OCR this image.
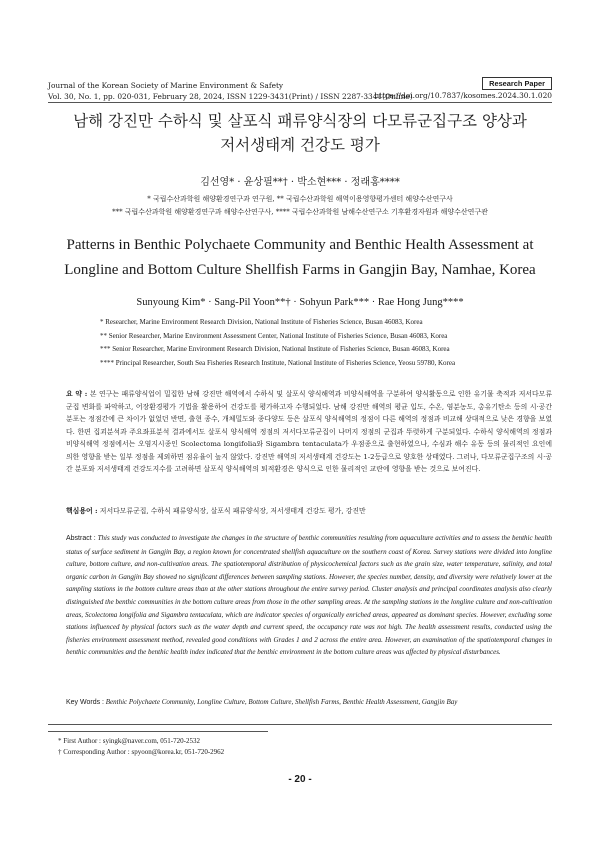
Journal of the Korean Society of Marine Environment & Safety
Vol. 30, No. 1, pp. 020-031, February 28, 2024, ISSN 1229-3431(Print) / ISSN 2287-3341(Online)
Research Paper
https://doi.org/10.7837/kosomes.2024.30.1.020
남해 강진만 수하식 및 살포식 패류양식장의 다모류군집구조 양상과
저서생태계 건강도 평가
김선영* · 윤상필**† · 박소현*** · 정래홍****
* 국립수산과학원 해양환경연구과 연구원, ** 국립수산과학원 해역이용영향평가센터 해양수산연구사
*** 국립수산과학원 해양환경연구과 해양수산연구사, **** 국립수산과학원 남해수산연구소 기후환경자원과 해양수산연구관
Patterns in Benthic Polychaete Community and Benthic Health Assessment at
Longline and Bottom Culture Shellfish Farms in Gangjin Bay, Namhae, Korea
Sunyoung Kim* · Sang-Pil Yoon**† · Sohyun Park*** · Rae Hong Jung****
* Researcher, Marine Environment Research Division, National Institute of Fisheries Science, Busan 46083, Korea
** Senior Researcher, Marine Environment Assessment Center, National Institute of Fisheries Science, Busan 46083, Korea
*** Senior Researcher, Marine Environment Research Division, National Institute of Fisheries Science, Busan 46083, Korea
**** Principal Researcher, South Sea Fisheries Research Institute, National Institute of Fisheries Science, Yeosu 59780, Korea
요 약 : 본 연구는 패류양식업이 밀집한 남해 강진만 해역에서 수하식 및 살포식 양식해역과 비양식해역을 구분하여 양식활동으로 인한 유기물 축적과 저서다모류군집 변화를 파악하고, 어장환경평가 기법을 활용하여 건강도를 평가하고자 수행되었다. 남해 강진만 해역의 평균 입도, 수온, 염분농도, 총유기탄소 등의 시·공간 분포는 정점간에 큰 차이가 없었던 반면, 출현 종수, 개체밀도와 종다양도 등은 살포식 양식해역의 정점이 다른 해역의 정점과 비교해 상대적으로 낮은 경향을 보였다. 한편 집괴분석과 주요좌표분석 결과에서도 살포식 양식해역 정점의 저서다모류군집이 나머지 정점의 군집과 뚜렷하게 구분되었다. 수하식 양식해역의 정점과 비양식해역 정점에서는 오염지시종인 Scolectoma longifolia와 Sigambra tentaculata가 우점종으로 출현하였으나, 수심과 해수 유동 등의 물리적인 요인에 의한 영향을 받는 일부 정점을 제외하면 점유율이 높지 않았다. 강진만 해역의 저서생태계 건강도는 1-2등급으로 양호한 상태였다. 그러나, 다모류군집구조의 시·공간 분포와 저서생태계 건강도지수를 고려하면 살포식 양식해역의 퇴적환경은 양식으로 인한 물리적인 교란에 영향을 받는 것으로 보여진다.
핵심용어 : 저서다모류군집, 수하식 패류양식장, 살포식 패류양식장, 저서생태계 건강도 평가, 강진만
Abstract : This study was conducted to investigate the changes in the structure of benthic communities resulting from aquaculture activities and to assess the benthic health status of surface sediment in Gangjin Bay, a region known for concentrated shellfish aquaculture on the southern coast of Korea. Survey stations were divided into longline culture, bottom culture, and non-cultivation areas. The spatiotemporal distribution of physicochemical factors such as the grain size, water temperature, salinity, and total organic carbon in Gangjin Bay showed no significant differences between sampling stations. However, the species number, density, and diversity were relatively lower at the sampling stations in the bottom culture areas than at the other stations throughout the entire survey period. Cluster analysis and principal coordinates analysis also clearly distinguished the benthic communities in the bottom culture areas from those in the other sampling areas. At the sampling stations in the longline culture and non-cultivation areas, Scolectoma longifolia and Sigambra tentaculata, which are indicator species of organically enriched areas, appeared as dominant species. However, excluding some stations influenced by physical factors such as the water depth and current speed, the occupancy rate was not high. The health assessment results, conducted using the fisheries environment assessment method, revealed good conditions with Grades 1 and 2 across the entire area. However, an examination of the spatiotemporal changes in benthic communities and the benthic health index indicated that the benthic environment in the bottom culture areas was affected by physical disturbances.
Key Words : Benthic Polychaete Community, Longline Culture, Bottom Culture, Shellfish Farms, Benthic Health Assessment, Gangjin Bay
* First Author : syingk@naver.com, 051-720-2532
† Corresponding Author : spyoon@korea.kr, 051-720-2962
- 20 -
